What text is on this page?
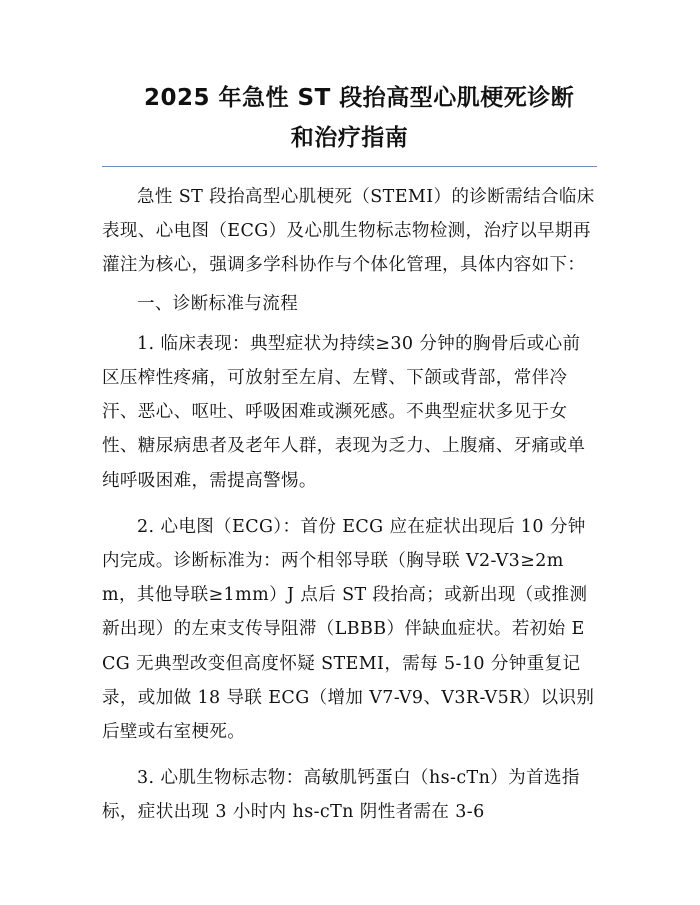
2025 年急性 ST 段抬高型心肌梗死诊断
和治疗指南

急性 ST 段抬高型心肌梗死（STEMI）的诊断需结合临床表现、心电图（ECG）及心肌生物标志物检测，治疗以早期再灌注为核心，强调多学科协作与个体化管理，具体内容如下：

一、诊断标准与流程

1. 临床表现：典型症状为持续≥30 分钟的胸骨后或心前区压榨性疼痛，可放射至左肩、左臂、下颌或背部，常伴冷汗、恶心、呕吐、呼吸困难或濒死感。不典型症状多见于女性、糖尿病患者及老年人群，表现为乏力、上腹痛、牙痛或单纯呼吸困难，需提高警惕。

2. 心电图（ECG）：首份 ECG 应在症状出现后 10 分钟内完成。诊断标准为：两个相邻导联（胸导联 V2-V3≥2mm，其他导联≥1mm）J 点后 ST 段抬高；或新出现（或推测新出现）的左束支传导阻滞（LBBB）伴缺血症状。若初始 ECG 无典型改变但高度怀疑 STEMI，需每 5-10 分钟重复记录，或加做 18 导联 ECG（增加 V7-V9、V3R-V5R）以识别后壁或右室梗死。

3. 心肌生物标志物：高敏肌钙蛋白（hs-cTn）为首选指标，症状出现 3 小时内 hs-cTn 阴性者需在 3-6
